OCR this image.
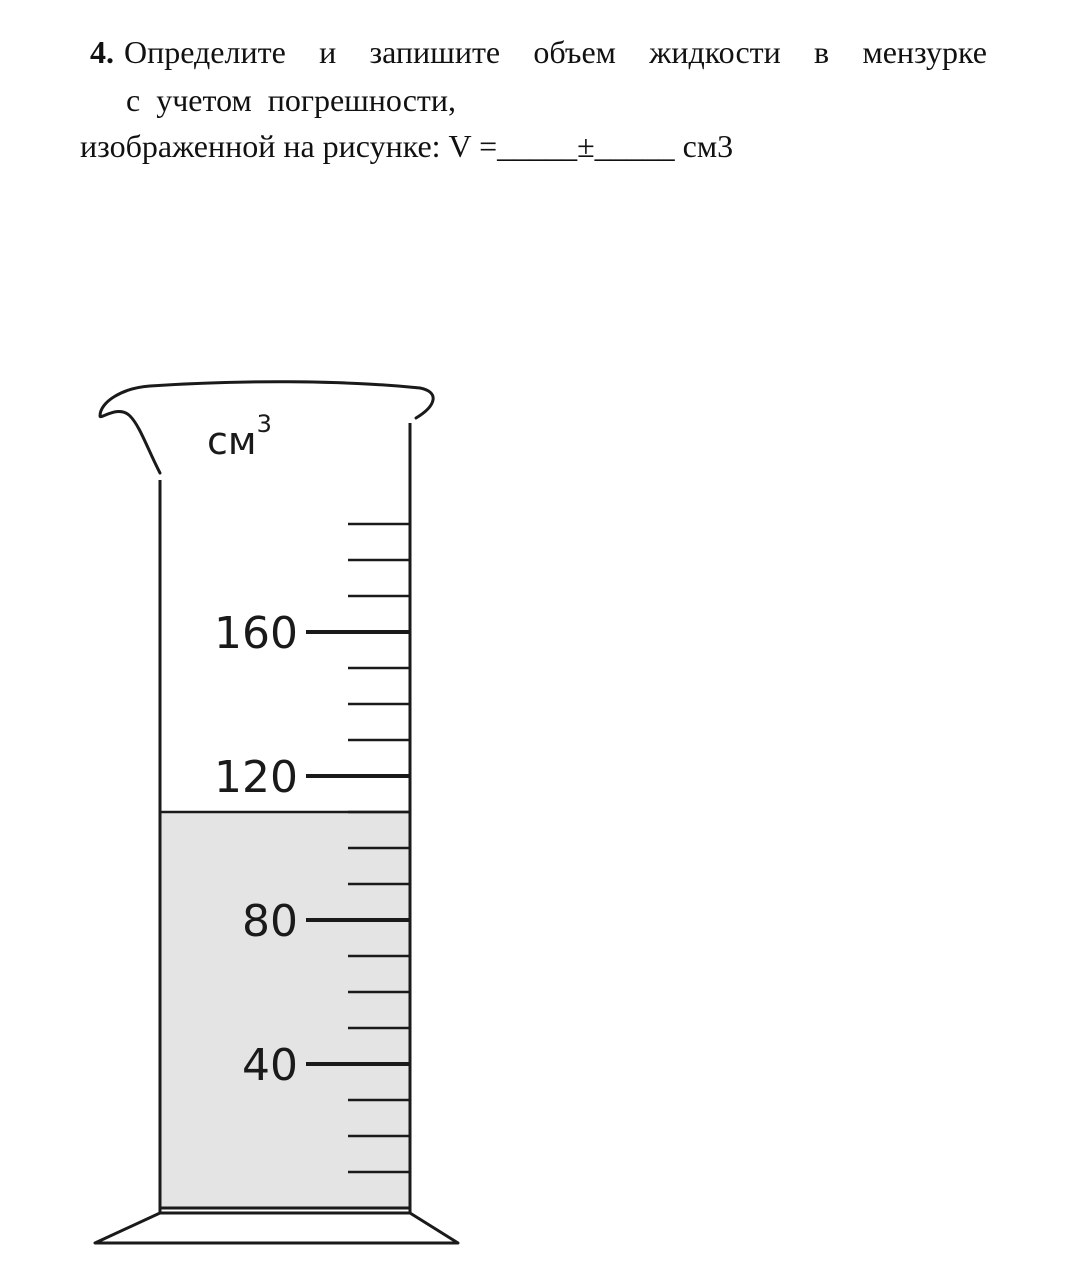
4. Определите и запишите объем жидкости в мензурке
с учетом погрешности,
изображенной на рисунке: V =_____±_____ см3
40
80
120
160
$см^3$
